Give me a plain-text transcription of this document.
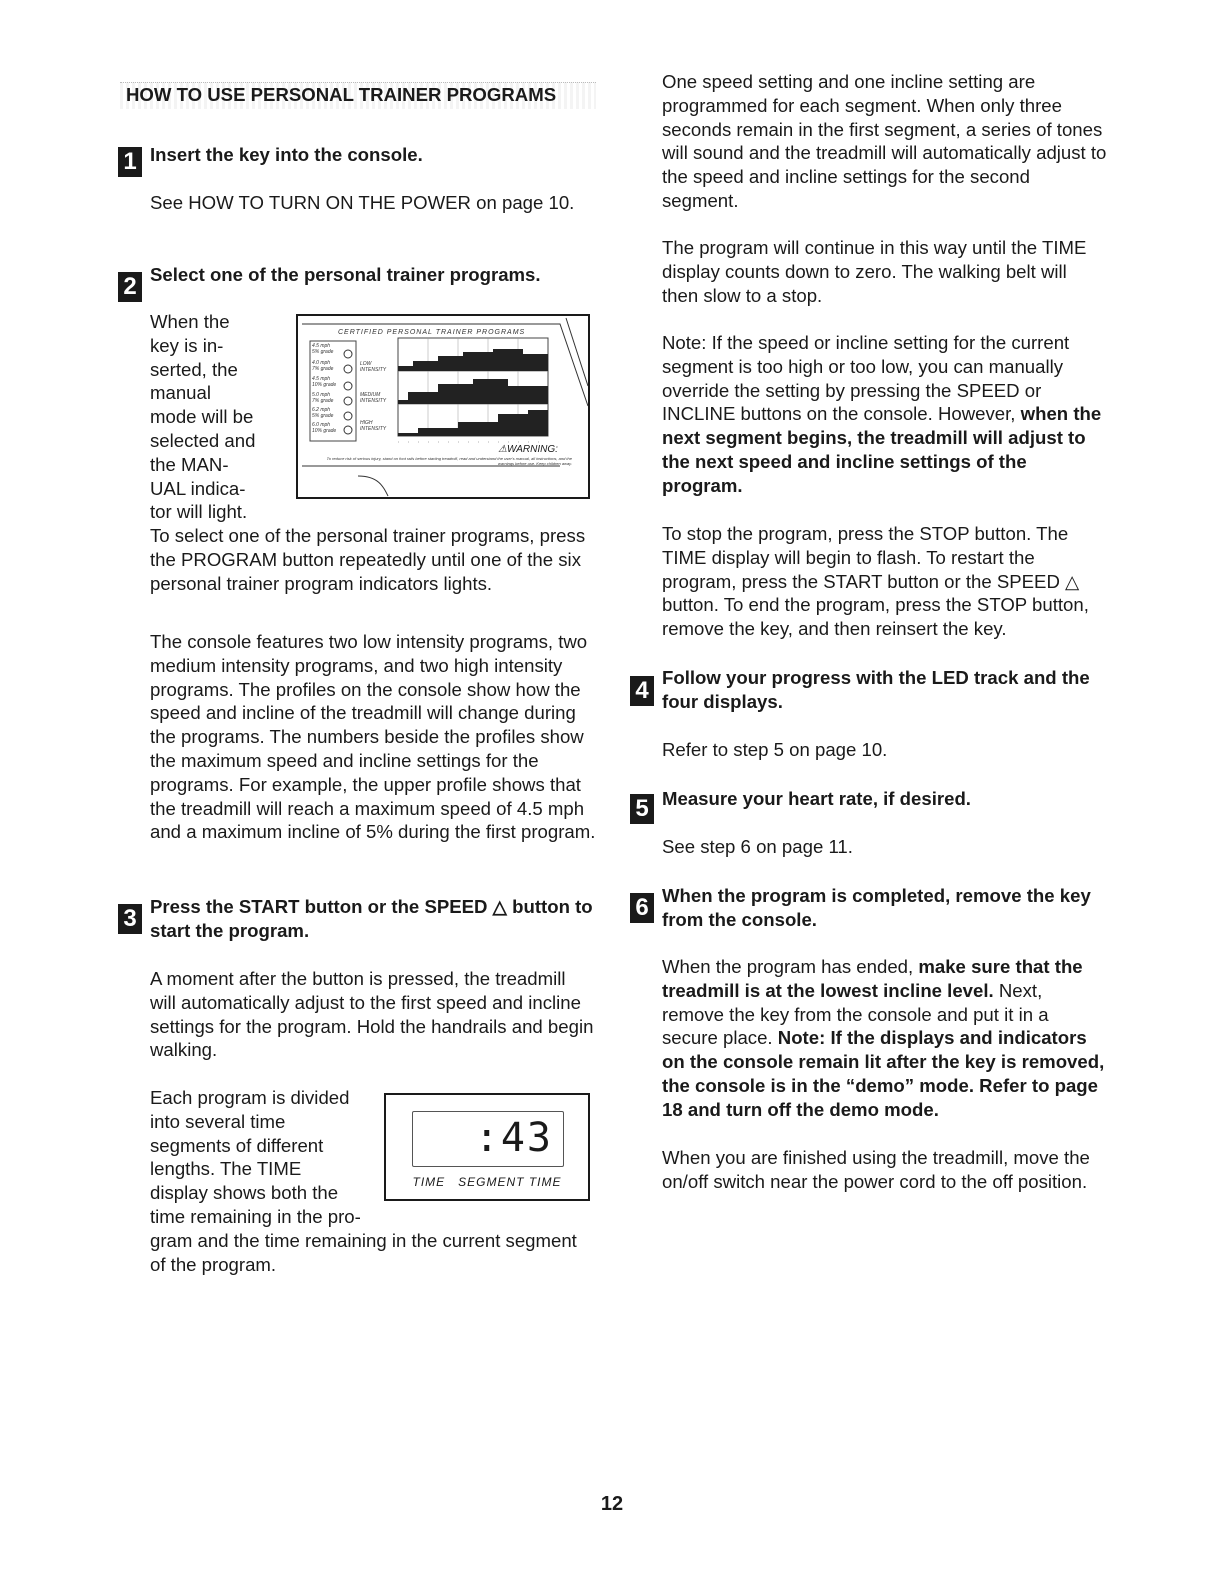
HOW TO USE PERSONAL TRAINER PROGRAMS
1 Insert the key into the console.

See HOW TO TURN ON THE POWER on page 10.

2 Select one of the personal trainer programs.

When the
key is in-
serted, the
manual
mode will be
selected and
the MAN-
UAL indica-
tor will light.
CERTIFIED PERSONAL TRAINER PROGRAMS
4.5 mph
5% grade
4.0 mph
7% grade
4.5 mph
10% grade
5.0 mph
7% grade
6.2 mph
5% grade
6.0 mph
10% grade
LOW INTENSITY
MEDIUM INTENSITY
HIGH INTENSITY
⚠WARNING:
To reduce risk of serious injury, stand on foot rails before starting treadmill, read and understand the user's manual, all instructions, and the warnings before use. Keep children away.

To select one of the personal trainer programs, press the PROGRAM button repeatedly until one of the six personal trainer program indicators lights.

The console features two low intensity programs, two medium intensity programs, and two high intensity programs. The profiles on the console show how the speed and incline of the treadmill will change during the programs. The numbers beside the profiles show the maximum speed and incline settings for the programs. For example, the upper profile shows that the treadmill will reach a maximum speed of 4.5 mph and a maximum incline of 5% during the first program.

3 Press the START button or the SPEED △ button to start the program.

A moment after the button is pressed, the treadmill will automatically adjust to the first speed and incline settings for the program. Hold the handrails and begin walking.

Each program is divided
into several time
segments of different
lengths. The TIME
display shows both the
time remaining in the pro-

gram and the time remaining in the current segment of the program.

:43
TIME   SEGMENT TIME

One speed setting and one incline setting are programmed for each segment. When only three seconds remain in the first segment, a series of tones will sound and the treadmill will automatically adjust to the speed and incline settings for the second segment.

The program will continue in this way until the TIME display counts down to zero. The walking belt will then slow to a stop.

Note: If the speed or incline setting for the current segment is too high or too low, you can manually override the setting by pressing the SPEED or INCLINE buttons on the console. However, when the next segment begins, the treadmill will adjust to the next speed and incline settings of the program.

To stop the program, press the STOP button. The TIME display will begin to flash. To restart the program, press the START button or the SPEED △ button. To end the program, press the STOP button, remove the key, and then reinsert the key.

4 Follow your progress with the LED track and the four displays.

Refer to step 5 on page 10.

5 Measure your heart rate, if desired.

See step 6 on page 11.

6 When the program is completed, remove the key from the console.

When the program has ended, make sure that the treadmill is at the lowest incline level. Next, remove the key from the console and put it in a secure place. Note: If the displays and indicators on the console remain lit after the key is removed, the console is in the “demo” mode. Refer to page 18 and turn off the demo mode.

When you are finished using the treadmill, move the on/off switch near the power cord to the off position.

12
